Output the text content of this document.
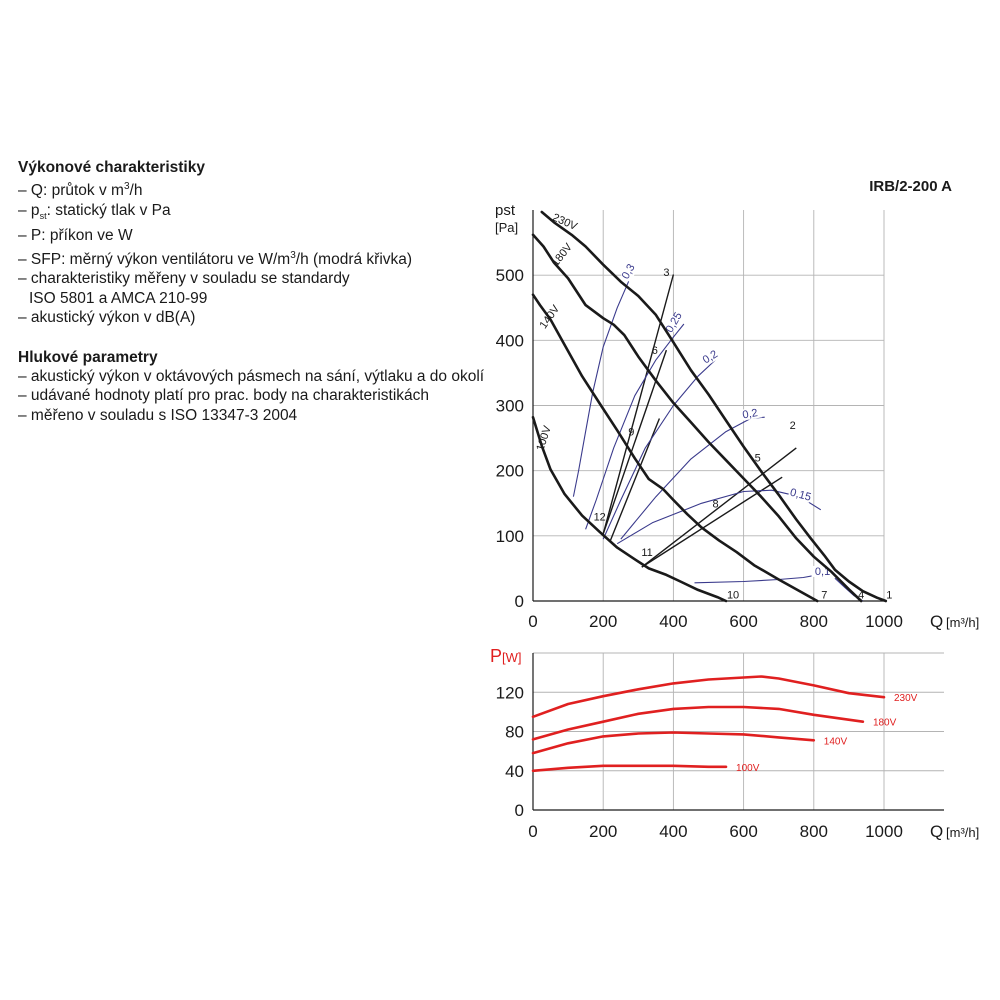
Výkonové charakteristiky
– Q: průtok v $m^3/h$
– $p_{st}$: statický tlak v Pa
– P: příkon ve W
– SFP: měrný výkon ventilátoru ve $W/m^3/h$ (modrá křivka)
– charakteristiky měřeny v souladu se standardy
ISO 5801 a AMCA 210-99
– akustický výkon v dB(A)
Hlukové parametry
– akustický výkon v oktávových pásmech na sání, výtlaku a do okolí
– udávané hodnoty platí pro prac. body na charakteristikách
– měřeno v souladu s ISO 13347-3 2004
0	200 400 600 800 1000
0
100
200
300
400
500
pst
[Pa]
Q [m³/h]
IRB/2-200 A
0,3
0,25
0,2
0,2
0,15
0,1
230V
180V
140V
100V
1
2
3
4
5
6
7
8
9
10
11
12
0	200 400 600 800 1000
0
40
80
120
P [W]
Q [m³/h]
230V
180V
140V
100V
